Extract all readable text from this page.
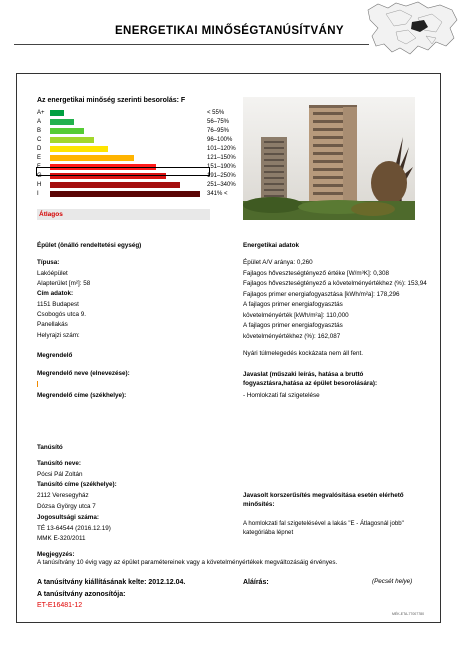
ENERGETIKAI MINŐSÉGTANÚSÍTVÁNY
Az energetikai minőség szerinti besorolás: F
A+	< 55%
A	56–75%
B	76–95%
C	96–100%
D	101–120%
E	121–150%
F	151–190%
G	191–250%
H	251–340%
I	341% <
Átlagos
Épület (önálló rendeltetési egység)
Típusa:
Lakóépület
Alapterület [m²]: 58
Cím adatok:
1151 Budapest
Csobogós utca 9.
Panellakás
Helyrajzi szám:
Energetikai adatok
Épület A/V aránya: 0,260
Fajlagos hőveszteségtényező értéke [W/m³K]: 0,308
Fajlagos hőveszteségtényező a követelményértékhez (%): 153,94
Fajlagos primer energiafogyasztása [kWh/m²a]: 178,296
A fajlagos primer energiafogyasztás
követelményérték [kWh/m²a]: 110,000
A fajlagos primer energiafogyasztás
követelményértékhez (%): 162,087
Nyári túlmelegedés kockázata nem áll fent.
Megrendelő
Megrendelő neve (elnevezése):
Megrendelő címe (székhelye):
Javaslat (műszaki leírás, hatása a bruttó fogyasztásra,hatása az épület besorolására):
- Homlokzati fal szigetelése
Tanúsító
Tanúsító neve:
Pócsi Pál Zoltán
Tanúsító címe (székhelye):
2112 Veresegyház
Dózsa György utca 7
Jogosultsági száma:
TÉ 13-64544 (2016.12.19)
MMK E-320/2011
Javasolt korszerűsítés megvalósítása esetén elérhető minősítés:
A homlokzati fal szigetelésével a lakás "E - Átlagosnál jobb" kategóriába lépnet
Megjegyzés:
A tanúsítvány 10 évig vagy az épület paramétereinek vagy a követelményértékek megváltozásáig érvényes.
A tanúsítvány kiállításának kelte: 2012.12.04.	Aláírás:	(Pecsét helye)
A tanúsítvány azonosítója:
ET-E16481-12
MÉK-ETA-77007780
